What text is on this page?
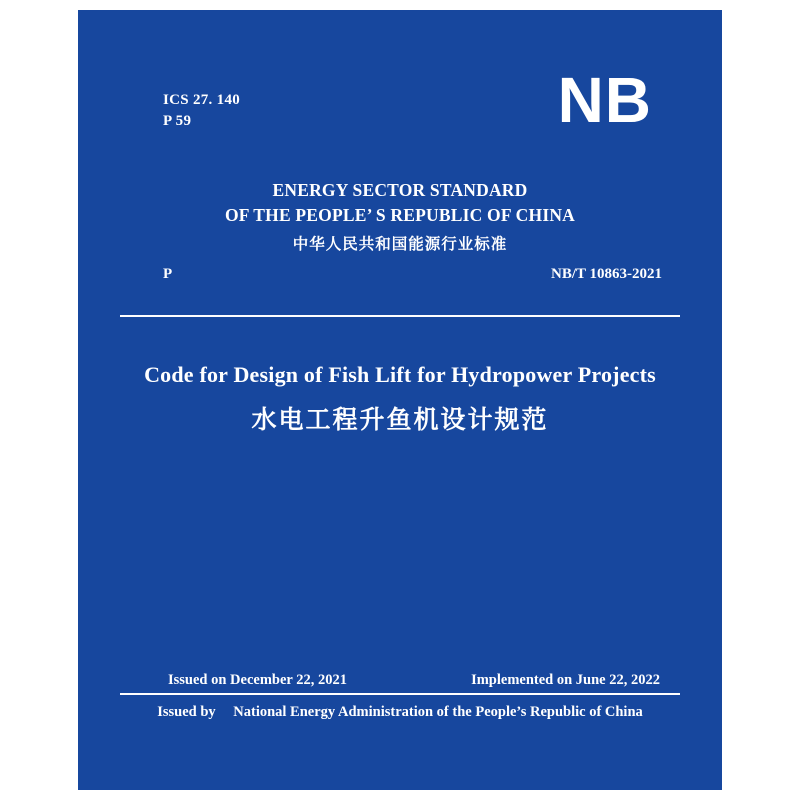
ICS 27. 140
P 59	NB
ENERGY SECTOR STANDARD
OF THE PEOPLE’ S REPUBLIC OF CHINA
中华人民共和国能源行业标准
P	NB/T 10863-2021
Code for Design of Fish Lift for Hydropower Projects
水电工程升鱼机设计规范
Issued on December 22, 2021	Implemented on June 22, 2022
Issued by National Energy Administration of the People’s Republic of China
